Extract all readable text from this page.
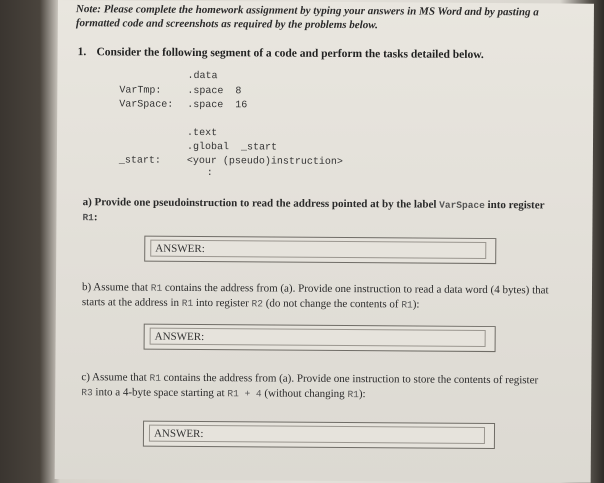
Note: Please complete the homework assignment by typing your answers in MS Word and by pasting a formatted code and screenshots as required by the problems below.
1. Consider the following segment of a code and perform the tasks detailed below.
.data
VarTmp:	.space  8
VarSpace: .space  16
.text
.global  _start
_start:	<your (pseudo)instruction>
:
a) Provide one pseudoinstruction to read the address pointed at by the label VarSpace into register R1:
ANSWER:
b) Assume that R1 contains the address from (a). Provide one instruction to read a data word (4 bytes) that starts at the address in R1 into register R2 (do not change the contents of R1):
ANSWER:
c) Assume that R1 contains the address from (a). Provide one instruction to store the contents of register R3 into a 4-byte space starting at R1 + 4 (without changing R1):
ANSWER:
